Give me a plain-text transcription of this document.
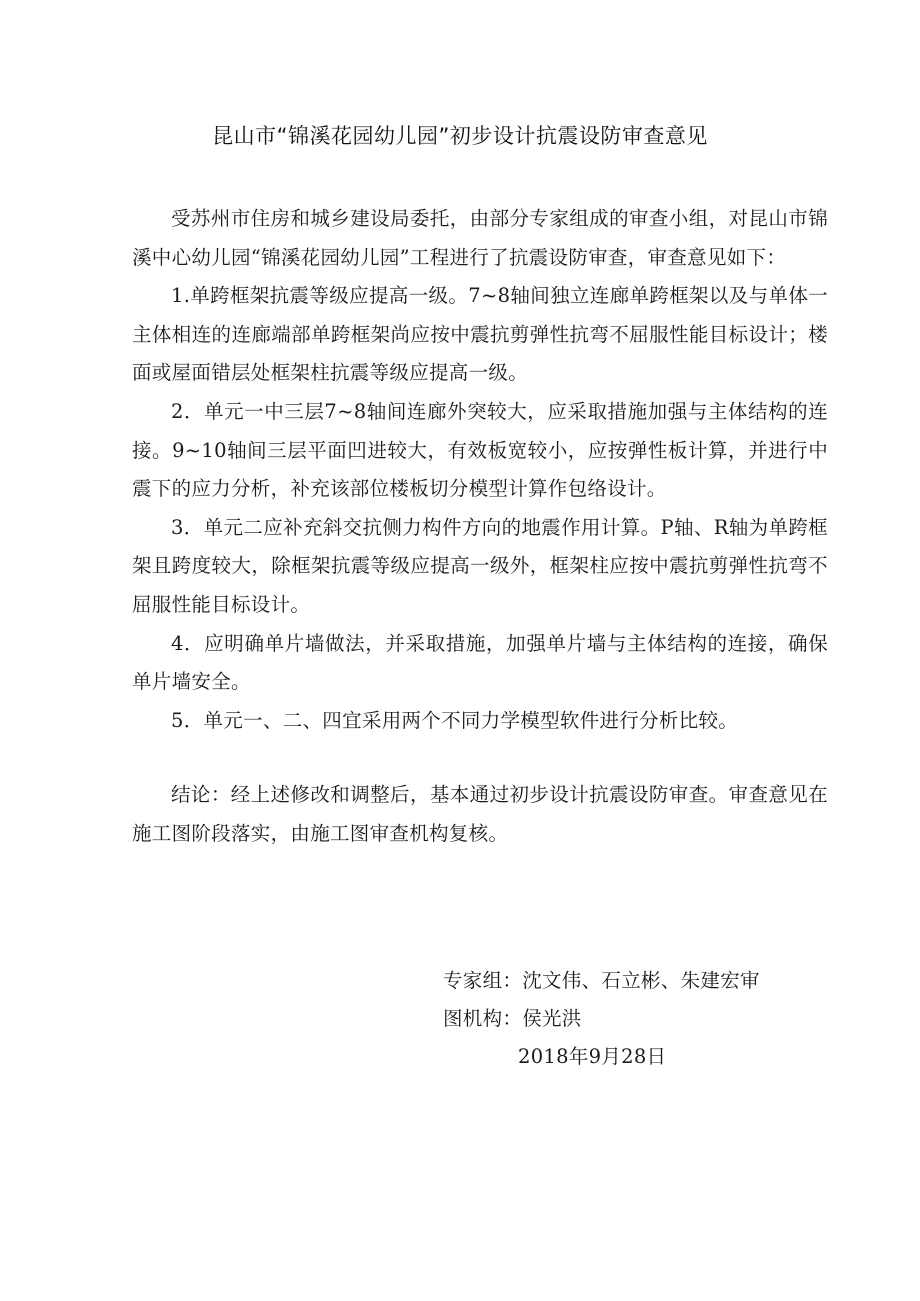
昆山市“锦溪花园幼儿园”初步设计抗震设防审查意见

受苏州市住房和城乡建设局委托，由部分专家组成的审查小组，对昆山市锦溪中心幼儿园“锦溪花园幼儿园”工程进行了抗震设防审查，审查意见如下：

1.单跨框架抗震等级应提高一级。7~8轴间独立连廊单跨框架以及与单体一主体相连的连廊端部单跨框架尚应按中震抗剪弹性抗弯不屈服性能目标设计；楼面或屋面错层处框架柱抗震等级应提高一级。

2．单元一中三层7~8轴间连廊外突较大，应采取措施加强与主体结构的连接。9~10轴间三层平面凹进较大，有效板宽较小，应按弹性板计算，并进行中震下的应力分析，补充该部位楼板切分模型计算作包络设计。

3．单元二应补充斜交抗侧力构件方向的地震作用计算。P轴、R轴为单跨框架且跨度较大，除框架抗震等级应提高一级外，框架柱应按中震抗剪弹性抗弯不屈服性能目标设计。

4．应明确单片墙做法，并采取措施，加强单片墙与主体结构的连接，确保单片墙安全。

5．单元一、二、四宜采用两个不同力学模型软件进行分析比较。

结论：经上述修改和调整后，基本通过初步设计抗震设防审查。审查意见在施工图阶段落实，由施工图审查机构复核。

专家组：沈文伟、石立彬、朱建宏审
图机构：侯光洪
2018年9月28日
